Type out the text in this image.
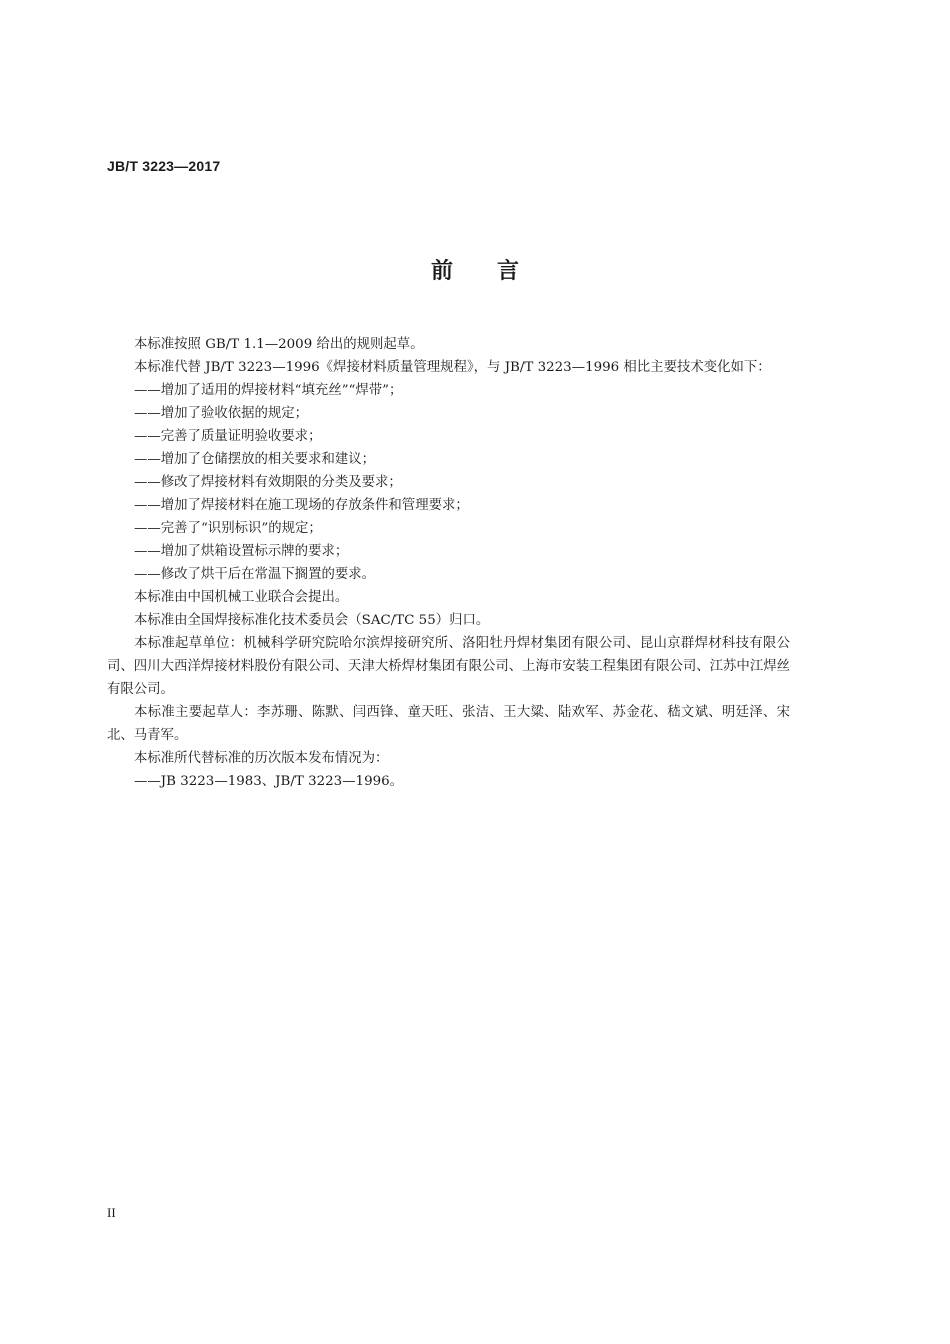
JB/T 3223—2017
前 言

本标准按照 GB/T 1.1—2009 给出的规则起草。

本标准代替 JB/T 3223—1996《焊接材料质量管理规程》，与 JB/T 3223—1996 相比主要技术变化如下：

——增加了适用的焊接材料“填充丝”“焊带”；

——增加了验收依据的规定；

——完善了质量证明验收要求；

——增加了仓储摆放的相关要求和建议；

——修改了焊接材料有效期限的分类及要求；

——增加了焊接材料在施工现场的存放条件和管理要求；

——完善了“识别标识”的规定；

——增加了烘箱设置标示牌的要求；

——修改了烘干后在常温下搁置的要求。

本标准由中国机械工业联合会提出。

本标准由全国焊接标准化技术委员会（SAC/TC 55）归口。

本标准起草单位：机械科学研究院哈尔滨焊接研究所、洛阳牡丹焊材集团有限公司、昆山京群焊材科技有限公司、四川大西洋焊接材料股份有限公司、天津大桥焊材集团有限公司、上海市安装工程集团有限公司、江苏中江焊丝有限公司。

本标准主要起草人：李苏珊、陈默、闫西锋、童天旺、张洁、王大粱、陆欢军、苏金花、嵇文斌、明廷泽、宋北、马青军。

本标准所代替标准的历次版本发布情况为：

——JB 3223—1983、JB/T 3223—1996。

II
